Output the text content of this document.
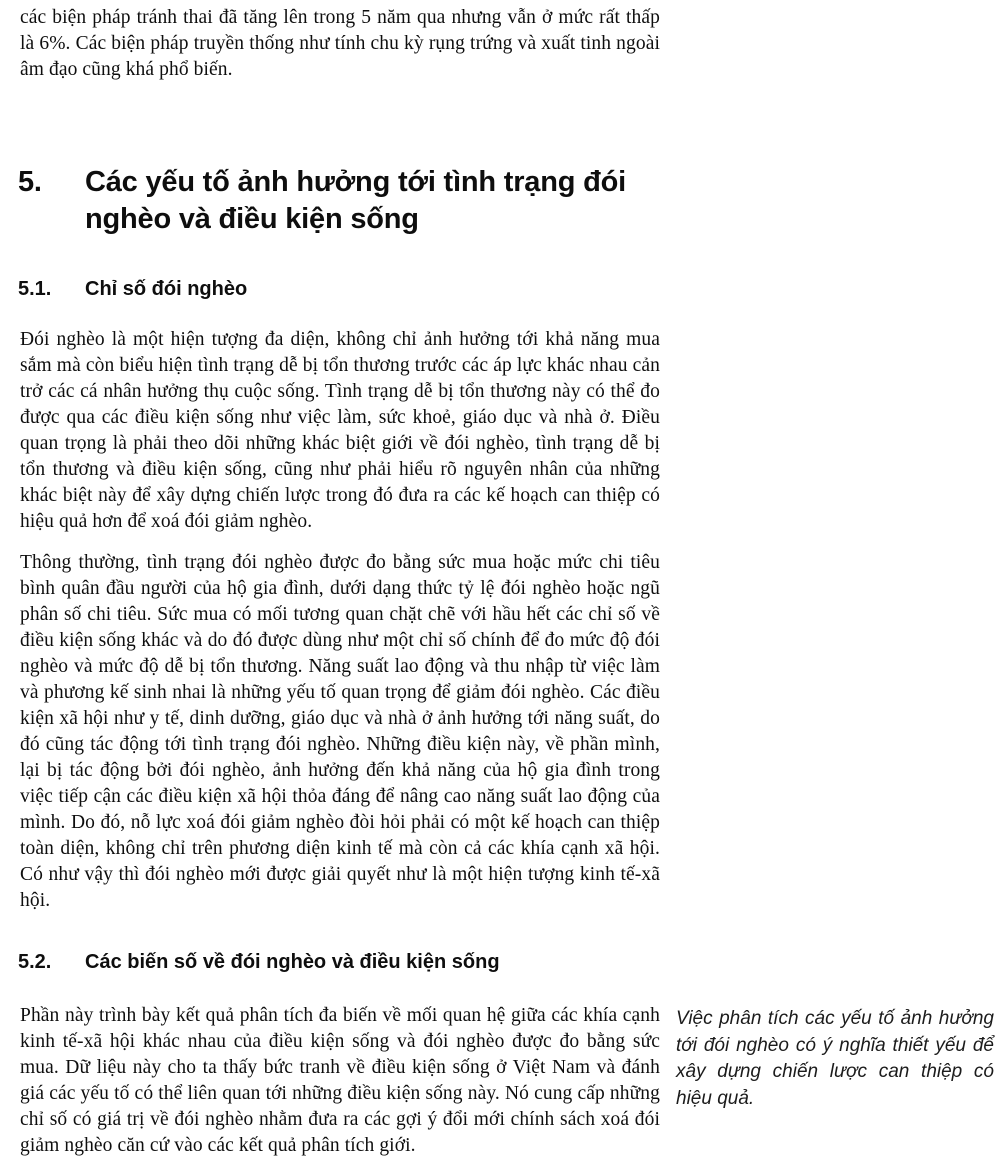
các biện pháp tránh thai đã tăng lên trong 5 năm qua nhưng vẫn ở mức rất thấp là 6%. Các biện pháp truyền thống như tính chu kỳ rụng trứng và xuất tinh ngoài âm đạo cũng khá phổ biến.

5.	Các yếu tố ảnh hưởng tới tình trạng đói nghèo và điều kiện sống
5.1.	Chỉ số đói nghèo

Đói nghèo là một hiện tượng đa diện, không chỉ ảnh hưởng tới khả năng mua sắm mà còn biểu hiện tình trạng dễ bị tổn thương trước các áp lực khác nhau cản trở các cá nhân hưởng thụ cuộc sống. Tình trạng dễ bị tổn thương này có thể đo được qua các điều kiện sống như việc làm, sức khoẻ, giáo dục và nhà ở. Điều quan trọng là phải theo dõi những khác biệt giới về đói nghèo, tình trạng dễ bị tổn thương và điều kiện sống, cũng như phải hiểu rõ nguyên nhân của những khác biệt này để xây dựng chiến lược trong đó đưa ra các kế hoạch can thiệp có hiệu quả hơn để xoá đói giảm nghèo.

Thông thường, tình trạng đói nghèo được đo bằng sức mua hoặc mức chi tiêu bình quân đầu người của hộ gia đình, dưới dạng thức tỷ lệ đói nghèo hoặc ngũ phân số chi tiêu. Sức mua có mối tương quan chặt chẽ với hầu hết các chỉ số về điều kiện sống khác và do đó được dùng như một chỉ số chính để đo mức độ đói nghèo và mức độ dễ bị tổn thương. Năng suất lao động và thu nhập từ việc làm và phương kế sinh nhai là những yếu tố quan trọng để giảm đói nghèo. Các điều kiện xã hội như y tế, dinh dưỡng, giáo dục và nhà ở ảnh hưởng tới năng suất, do đó cũng tác động tới tình trạng đói nghèo. Những điều kiện này, về phần mình, lại bị tác động bởi đói nghèo, ảnh hưởng đến khả năng của hộ gia đình trong việc tiếp cận các điều kiện xã hội thỏa đáng để nâng cao năng suất lao động của mình. Do đó, nỗ lực xoá đói giảm nghèo đòi hỏi phải có một kế hoạch can thiệp toàn diện, không chỉ trên phương diện kinh tế mà còn cả các khía cạnh xã hội. Có như vậy thì đói nghèo mới được giải quyết như là một hiện tượng kinh tế-xã hội.

5.2.	Các biến số về đói nghèo và điều kiện sống

Phần này trình bày kết quả phân tích đa biến về mối quan hệ giữa các khía cạnh kinh tế-xã hội khác nhau của điều kiện sống và đói nghèo được đo bằng sức mua. Dữ liệu này cho ta thấy bức tranh về điều kiện sống ở Việt Nam và đánh giá các yếu tố có thể liên quan tới những điều kiện sống này. Nó cung cấp những chỉ số có giá trị về đói nghèo nhằm đưa ra các gợi ý đổi mới chính sách xoá đói giảm nghèo căn cứ vào các kết quả phân tích giới.

Việc phân tích các yếu tố ảnh hưởng tới đói nghèo có ý nghĩa thiết yếu để xây dựng chiến lược can thiệp có hiệu quả.
